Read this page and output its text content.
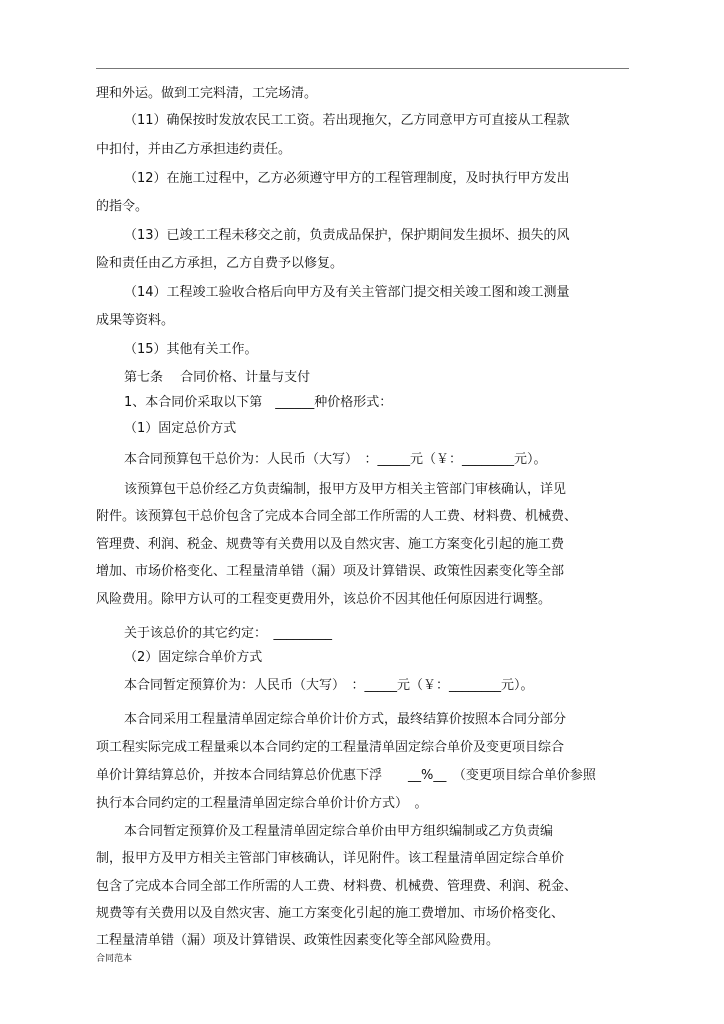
理和外运。做到工完料清，工完场清。
（11）确保按时发放农民工工资。若出现拖欠，乙方同意甲方可直接从工程款
中扣付，并由乙方承担违约责任。
（12）在施工过程中，乙方必须遵守甲方的工程管理制度，及时执行甲方发出
的指令。
（13）已竣工工程未移交之前，负责成品保护，保护期间发生损坏、损失的风
险和责任由乙方承担，乙方自费予以修复。
（14）工程竣工验收合格后向甲方及有关主管部门提交相关竣工图和竣工测量
成果等资料。
（15）其他有关工作。
第七条　 合同价格、计量与支付
1、本合同价采取以下第　______种价格形式：
（1）固定总价方式
本合同预算包干总价为：人民币（大写）　：_____元（￥：________元）。
该预算包干总价经乙方负责编制，报甲方及甲方相关主管部门审核确认，详见
附件。该预算包干总价包含了完成本合同全部工作所需的人工费、材料费、机械费、
管理费、利润、税金、规费等有关费用以及自然灾害、施工方案变化引起的施工费
增加、市场价格变化、工程量清单错（漏）项及计算错误、政策性因素变化等全部
风险费用。除甲方认可的工程变更费用外，该总价不因其他任何原因进行调整。
关于该总价的其它约定：　_________
（2）固定综合单价方式
本合同暂定预算价为：人民币（大写）　：_____元（￥：________元）。
本合同采用工程量清单固定综合单价计价方式，最终结算价按照本合同分部分
项工程实际完成工程量乘以本合同约定的工程量清单固定综合单价及变更项目综合
单价计算结算总价，并按本合同结算总价优惠下浮　　__%__　（变更项目综合单价参照
执行本合同约定的工程量清单固定综合单价计价方式）　。
本合同暂定预算价及工程量清单固定综合单价由甲方组织编制或乙方负责编
制，报甲方及甲方相关主管部门审核确认，详见附件。该工程量清单固定综合单价
包含了完成本合同全部工作所需的人工费、材料费、机械费、管理费、利润、税金、
规费等有关费用以及自然灾害、施工方案变化引起的施工费增加、市场价格变化、
工程量清单错（漏）项及计算错误、政策性因素变化等全部风险费用。
合同范本
